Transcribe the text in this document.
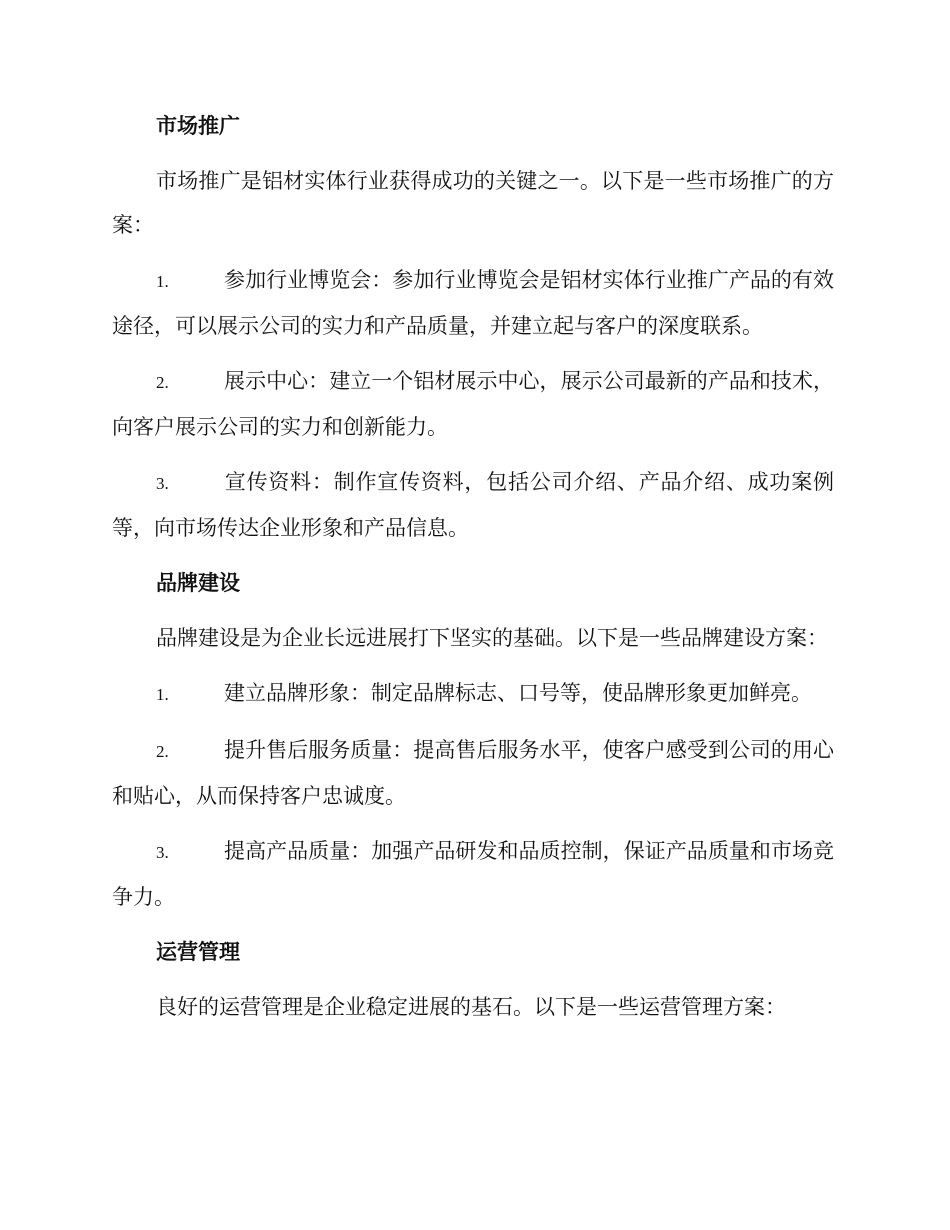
市场推广

市场推广是铝材实体行业获得成功的关键之一。以下是一些市场推广的方案：

1.	参加行业博览会：参加行业博览会是铝材实体行业推广产品的有效途径，可以展示公司的实力和产品质量，并建立起与客户的深度联系。

2.	展示中心：建立一个铝材展示中心，展示公司最新的产品和技术，向客户展示公司的实力和创新能力。

3.	宣传资料：制作宣传资料，包括公司介绍、产品介绍、成功案例等，向市场传达企业形象和产品信息。

品牌建设

品牌建设是为企业长远进展打下坚实的基础。以下是一些品牌建设方案：

1.	建立品牌形象：制定品牌标志、口号等，使品牌形象更加鲜亮。

2.	提升售后服务质量：提高售后服务水平，使客户感受到公司的用心和贴心，从而保持客户忠诚度。

3.	提高产品质量：加强产品研发和品质控制，保证产品质量和市场竞争力。

运营管理

良好的运营管理是企业稳定进展的基石。以下是一些运营管理方案：
